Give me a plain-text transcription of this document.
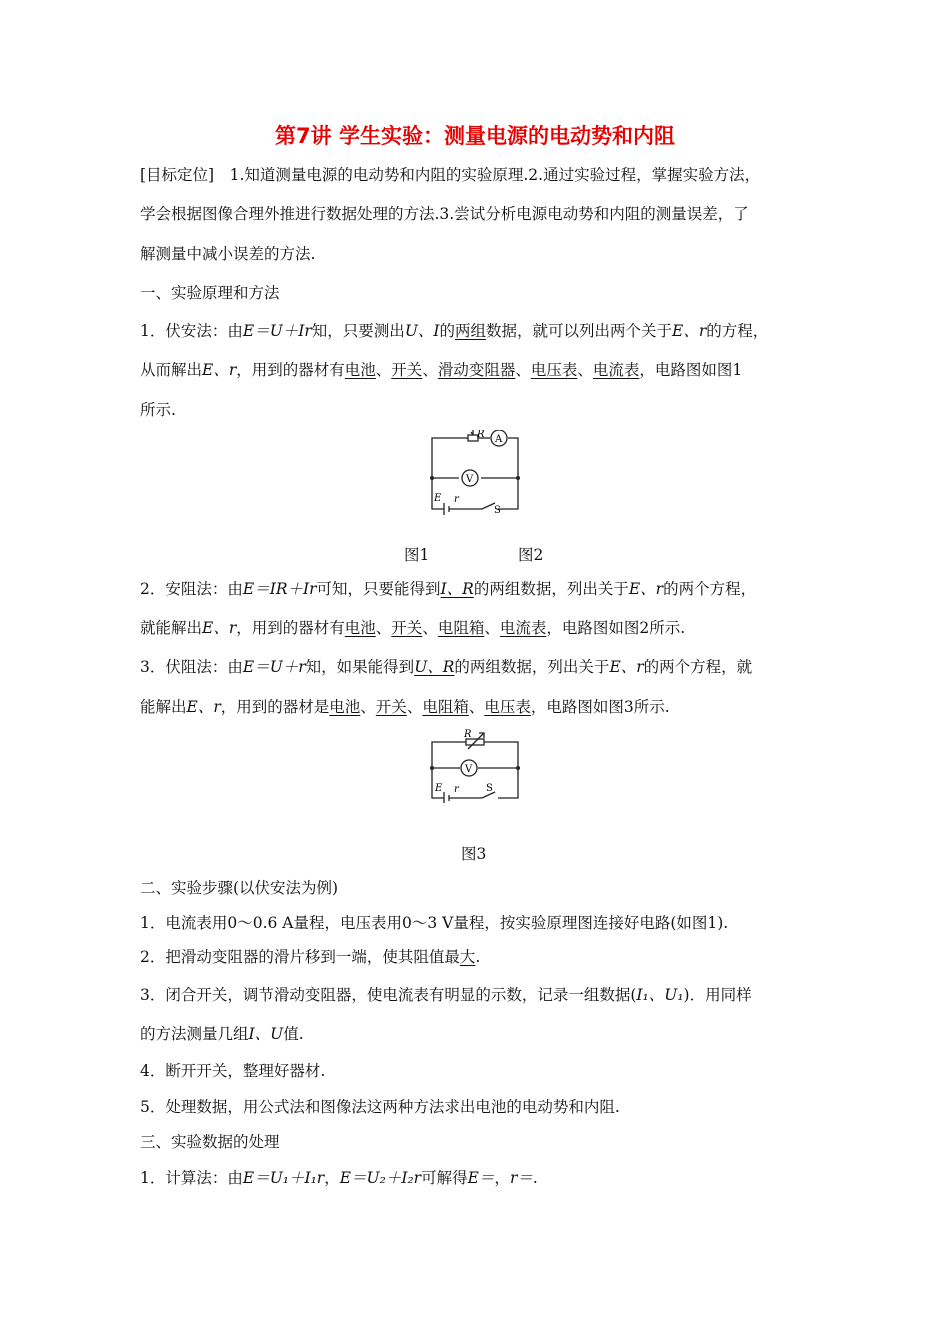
第7讲 学生实验：测量电源的电动势和内阻
[目标定位]　1.知道测量电源的电动势和内阻的实验原理.2.通过实验过程，掌握实验方法，
学会根据图像合理外推进行数据处理的方法.3.尝试分析电源电动势和内阻的测量误差，了
解测量中减小误差的方法.
一、实验原理和方法
1．伏安法：由E＝U＋Ir知，只要测出U、I的两组数据，就可以列出两个关于E、r的方程，
从而解出E、r，用到的器材有电池、开关、滑动变阻器、电压表、电流表，电路图如图1
所示.
R A
V
E r
S
图1	图2
2．安阻法：由E＝IR＋Ir可知，只要能得到I、R的两组数据，列出关于E、r的两个方程，
就能解出E、r，用到的器材有电池、开关、电阻箱、电流表，电路图如图2所示.
3．伏阻法：由E＝U＋r知，如果能得到U、R的两组数据，列出关于E、r的两个方程，就
能解出E、r，用到的器材是电池、开关、电阻箱、电压表，电路图如图3所示.
R
V
E r	S
图3
二、实验步骤(以伏安法为例)
1．电流表用0～0.6 A量程，电压表用0～3 V量程，按实验原理图连接好电路(如图1).
2．把滑动变阻器的滑片移到一端，使其阻值最大.
3．闭合开关，调节滑动变阻器，使电流表有明显的示数，记录一组数据(I₁、U₁)．用同样
的方法测量几组I、U值.
4．断开开关，整理好器材.
5．处理数据，用公式法和图像法这两种方法求出电池的电动势和内阻.
三、实验数据的处理
1．计算法：由E＝U₁＋I₁r，E＝U₂＋I₂r可解得E＝，r＝.
